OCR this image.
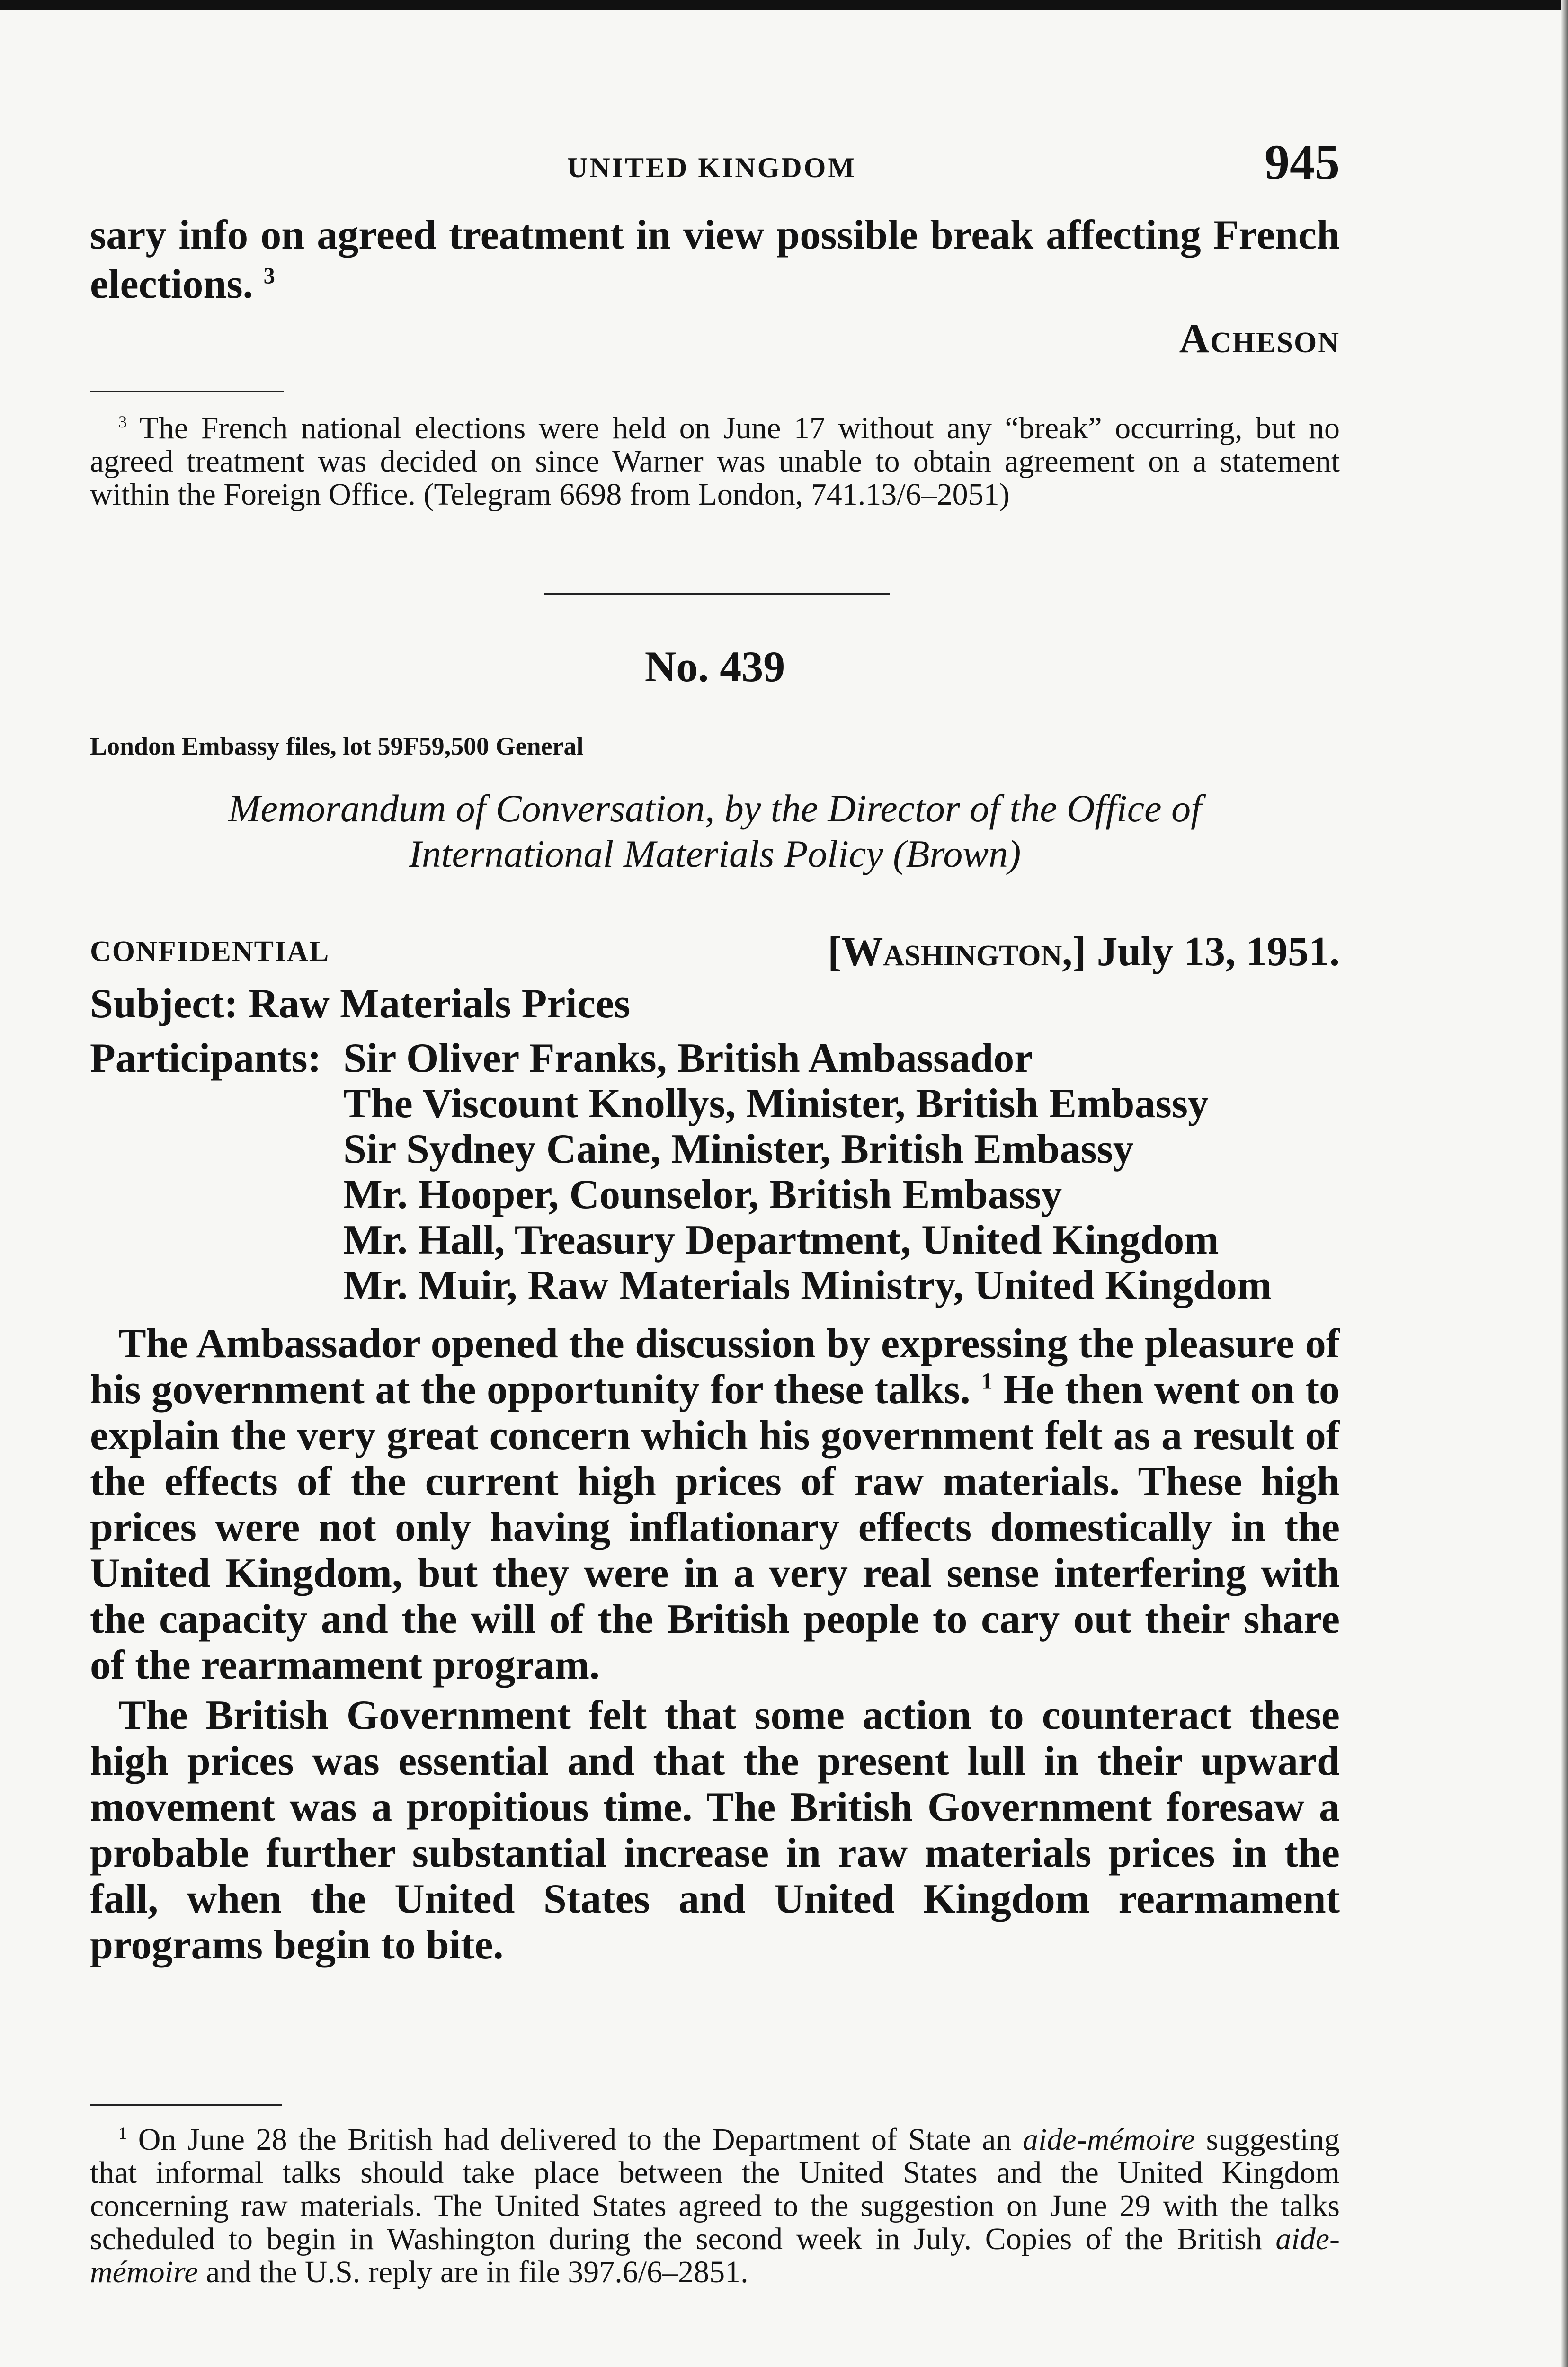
UNITED KINGDOM	945
sary info on agreed treatment in view possible break affecting French elections. $^3$
Acheson
$^3$ The French national elections were held on June 17 without any “break” occurring, but no agreed treatment was decided on since Warner was unable to obtain agreement on a statement within the Foreign Office. (Telegram 6698 from London, 741.13/6–2051)
No. 439
London Embassy files, lot 59F59,500 General
Memorandum of Conversation, by the Director of the Office of
International Materials Policy (Brown)
CONFIDENTIAL	[Washington,] July 13, 1951.
Subject: Raw Materials Prices
Participants: Sir Oliver Franks, British Ambassador
The Viscount Knollys, Minister, British Embassy
Sir Sydney Caine, Minister, British Embassy
Mr. Hooper, Counselor, British Embassy
Mr. Hall, Treasury Department, United Kingdom
Mr. Muir, Raw Materials Ministry, United Kingdom
The Ambassador opened the discussion by expressing the pleasure of his government at the opportunity for these talks. $^1$ He then went on to explain the very great concern which his government felt as a result of the effects of the current high prices of raw materials. These high prices were not only having inflationary effects domestically in the United Kingdom, but they were in a very real sense interfering with the capacity and the will of the British people to cary out their share of the rearmament program.
The British Government felt that some action to counteract these high prices was essential and that the present lull in their upward movement was a propitious time. The British Government foresaw a probable further substantial increase in raw materials prices in the fall, when the United States and United Kingdom rearmament programs begin to bite.
$^1$ On June 28 the British had delivered to the Department of State an aide-mémoire suggesting that informal talks should take place between the United States and the United Kingdom concerning raw materials. The United States agreed to the suggestion on June 29 with the talks scheduled to begin in Washington during the second week in July. Copies of the British aide-mémoire and the U.S. reply are in file 397.6/6–2851.
